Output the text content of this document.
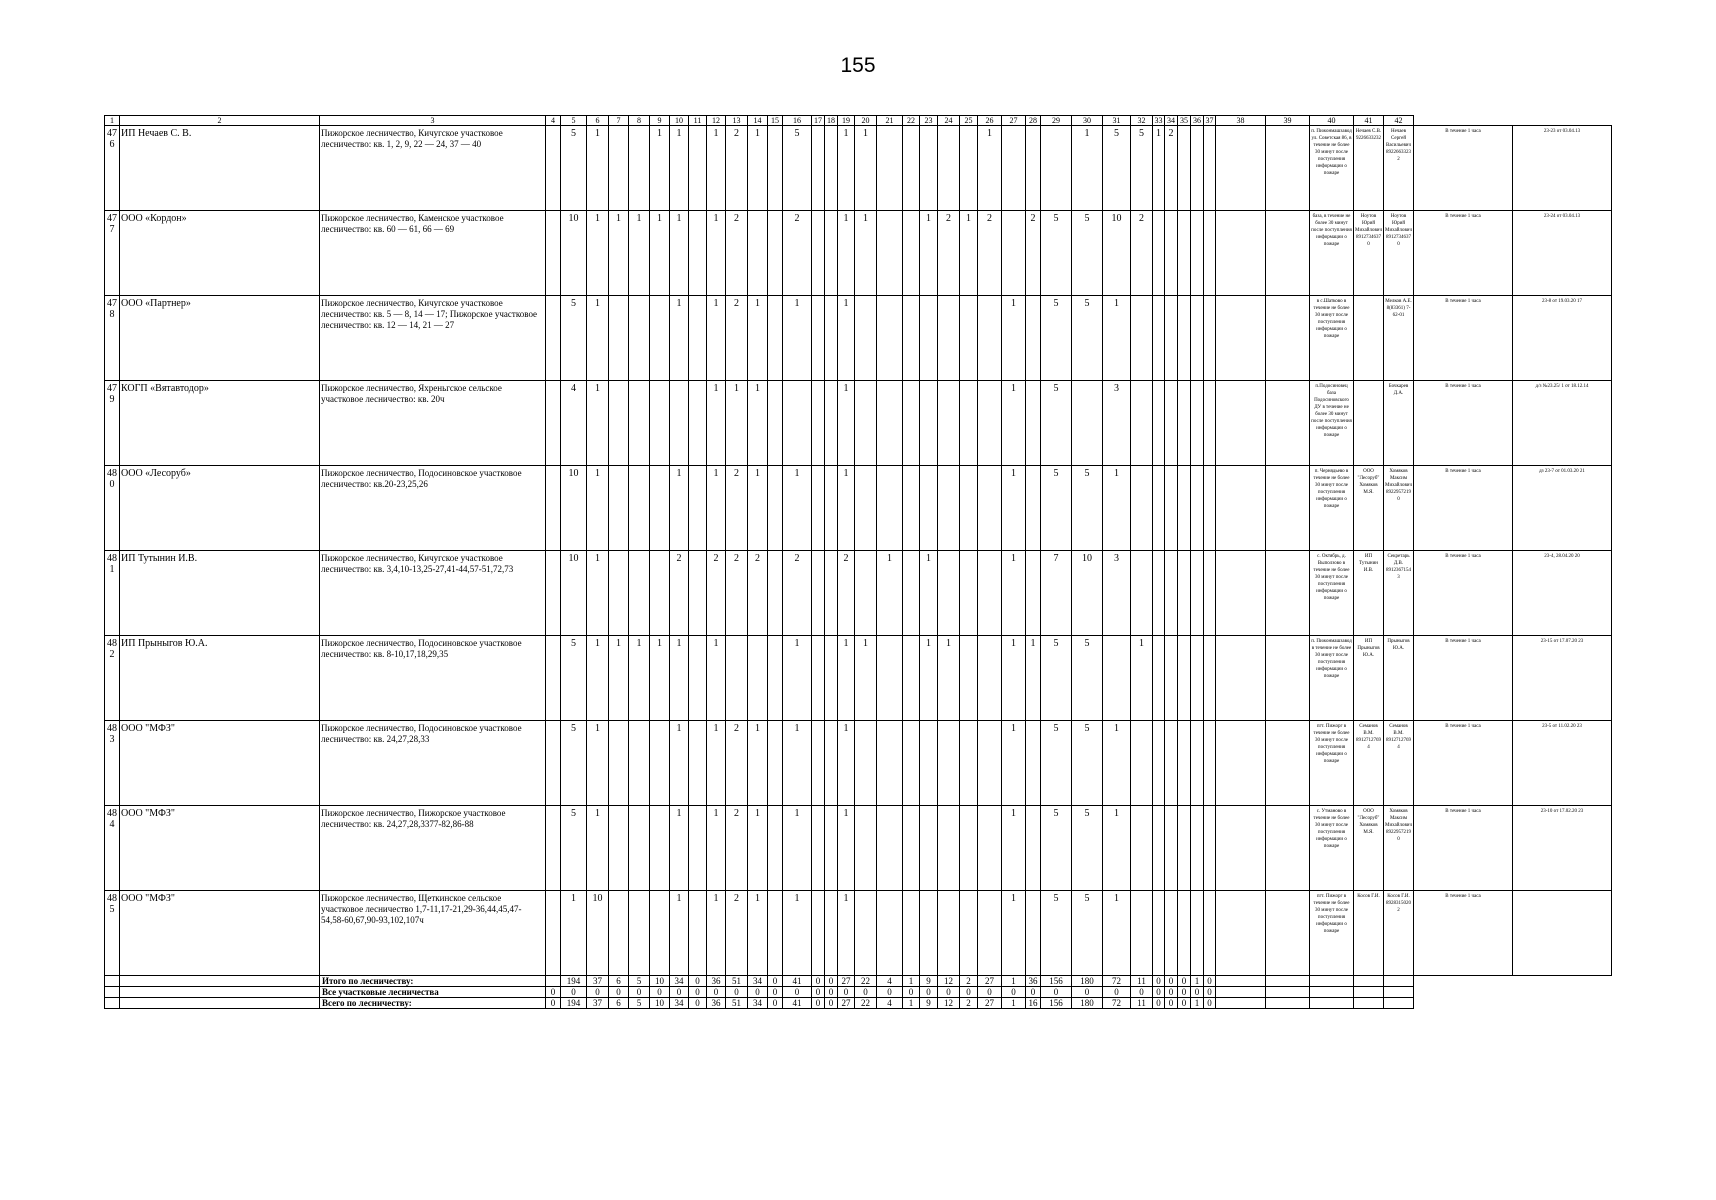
155
1	2	3	4	5	6	7	8	9	10	11	12	13	14	15	16	17	18	19	20	21	22	23	24	25	26	27	28	29	30	31	32	33	34	35	36	37	38	39	40	41	42		
476	ИП Нечаев С. В.	Пижорское лесничество, Кичугское участковое лесничество: кв. 1, 2, 9, 22 — 24, 37 — 40		5	1			1	1		1	2	1		5			1	1						1				1	5	5	1	2						п. Пижонмашзавод ул. Советская 86, в течение не более 30 минут после поступления информации о пожаре	Нечаев С.В. 9226633232	Нечаев Сергей Васильевич 89226633232	В течение 1 часа	23-23 от 03.04.13
477	ООО «Кордон»	Пижорское лесничество, Каменское участковое лесничество: кв. 60 — 61, 66 — 69		10	1	1	1	1	1		1	2			2			1	1			1	2	1	2		2	5	5	10	2								база, в течение не более 30 минут после поступления информации о пожаре	Ноутов Юрий Михайлович 89127346370	Ноутов Юрий Михайлович 89127346370	В течение 1 часа	23-24 от 03.04.13
478	ООО «Партнер»	Пижорское лесничество, Кичугское участковое лесничество: кв. 5 — 8, 14 — 17; Пижорское участковое лесничество: кв. 12 — 14, 21 — 27		5	1				1		1	2	1		1			1								1		5	5	1									в с.Шатково в течение не более 30 минут после поступления информации о пожаре		Мелков А.Е. 8(83361) 7-62-01	В течение 1 часа	23-8 от 19.03.20 17
479	КОГП «Вятавтодор»	Пижорское лесничество, Яхреньгское сельское участковое лесничество: кв. 20ч		4	1						1	1	1					1								1		5		3									п.Подосиновец база Подосиновского ДУ в течение не более 30 минут после поступления информации о пожаре		Бочкарев Д.А.	В течение 1 часа	д/з №23.25/ 1 от 18.12.14
480	ООО «Лесоруб»	Пижорское лесничество, Подосиновское участковое лесничество: кв.20-23,25,26		10	1				1		1	2	1		1			1								1		5	5	1									п. Чернядьево в течение не более 30 минут после поступления информации о пожаре	ООО "Лесоруб" Хомяков М.Я.	Хомяков Максим Михайлович 89229572190	В течение 1 часа	дз 23-7 от 01.03.20 21
481	ИП Тутынин И.В.	Пижорское лесничество, Кичугское участковое лесничество: кв. 3,4,10-13,25-27,41-44,57-51,72,73		10	1				2		2	2	2		2			2		1		1				1		7	10	3									с. Октябрь, д. Выползово в течение не более 30 минут после поступления информации о пожаре	ИП Тутынин И.В.	Секретарь Д.В. 89123671543	В течение 1 часа	23-4, 28.04.20 20
482	ИП Прыныгов Ю.А.	Пижорское лесничество, Подосиновское участковое лесничество: кв. 8-10,17,18,29,35		5	1	1	1	1	1		1				1			1	1			1	1			1	1	5	5		1								п. Пижонмашзавод в течение не более 30 минут после поступления информации о пожаре	ИП Прыныгов Ю.А.	Прыныгов Ю.А.	В течение 1 часа	23-15 от 17.07.20 23
483	ООО "МФЗ"	Пижорское лесничество, Подосиновское участковое лесничество: кв. 24,27,28,33		5	1				1		1	2	1		1			1								1		5	5	1									пгт. Пижорг в течение не более 30 минут после поступления информации о пожаре	Семанов В.М. 89127127694	Семанов В.М. 89127127694	В течение 1 часа	23-5 от 11.02.20 23
484	ООО "МФЗ"	Пижорское лесничество, Пижорское участковое лесничество: кв. 24,27,28,3377-82,86-88		5	1				1		1	2	1		1			1								1		5	5	1									с. Утманово в течение не более 30 минут после поступления информации о пожаре	ООО "Лесоруб" Хомяков М.Я.	Хомяков Максим Михайлович 89229572190	В течение 1 часа	23-10 от 17.02.20 23
485	ООО "МФЗ"	Пижорское лесничество, Щеткинское сельское участковое лесничество 1,7-11,17-21,29-36,44,45,47-54,58-60,67,90-93,102,107ч		1	10				1		1	2	1		1			1								1		5	5	1									пгт. Пижорг в течение не более 30 минут после поступления информации о пожаре	Косов Г.И.	Косов Г.И. 89283150202	В течение 1 часа	
		Итого по лесничеству:		194	37	6	5	10	34	0	36	51	34	0	41	0	0	27	22	4	1	9	12	2	27	1	36	156	180	72	11	0	0	0	1	0							
		Все участковые лесничества	0	0	0	0	0	0	0	0	0	0	0	0	0	0	0	0	0	0	0	0	0	0	0	0	0	0	0	0	0	0	0	0	0	0							
		Всего по лесничеству:	0	194	37	6	5	10	34	0	36	51	34	0	41	0	0	27	22	4	1	9	12	2	27	1	16	156	180	72	11	0	0	0	1	0							
